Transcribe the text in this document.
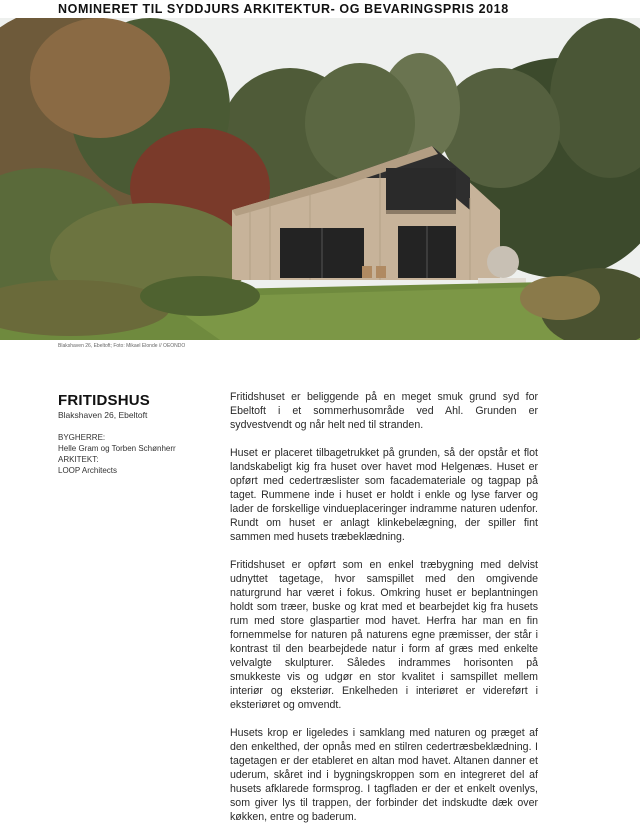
NOMINERET TIL SYDDJURS ARKITEKTUR- OG BEVARINGSPRIS 2018

Blakshaven 26, Ebeltoft; Foto: Mikael Elonde // OEONDO

FRITIDSHUS

Blakshaven 26, Ebeltoft

BYGHERRE:
Helle Gram og Torben Schønherr
ARKITEKT:
LOOP Architects

Fritidshuset er beliggende på en meget smuk grund syd for Ebeltoft i et sommerhusområde ved Ahl. Grunden er sydvestvendt og når helt ned til stranden.

Huset er placeret tilbagetrukket på grunden, så der opstår et flot landskabeligt kig fra huset over havet mod Helgenæs. Huset er opført med cedertræslister som facademateriale og tagpap på taget. Rummene inde i huset er holdt i enkle og lyse farver og lader de forskellige vindueplaceringer indramme naturen udenfor. Rundt om huset er anlagt klinkebelægning, der spiller fint sammen med husets træbeklædning.

Fritidshuset er opført som en enkel træbygning med delvist udnyttet tagetage, hvor samspillet med den omgivende naturgrund har været i fokus. Omkring huset er beplantningen holdt som træer, buske og krat med et bearbejdet kig fra husets rum med store glaspartier mod havet. Herfra har man en fin fornemmelse for naturen på naturens egne præmisser, der står i kontrast til den bearbejdede natur i form af græs med enkelte velvalgte skulpturer. Således indrammes horisonten på smukkeste vis og udgør en stor kvalitet i samspillet mellem interiør og eksteriør. Enkelheden i interiøret er videreført i eksteriøret og omvendt.

Husets krop er ligeledes i samklang med naturen og præget af den enkelthed, der opnås med en stilren cedertræsbeklædning. I tagetagen er der etableret en altan mod havet. Altanen danner et uderum, skåret ind i bygningskroppen som en integreret del af husets afklarede formsprog. I tagfladen er der et enkelt ovenlys, som giver lys til trappen, der forbinder det indskudte dæk over køkken, entre og baderum.
